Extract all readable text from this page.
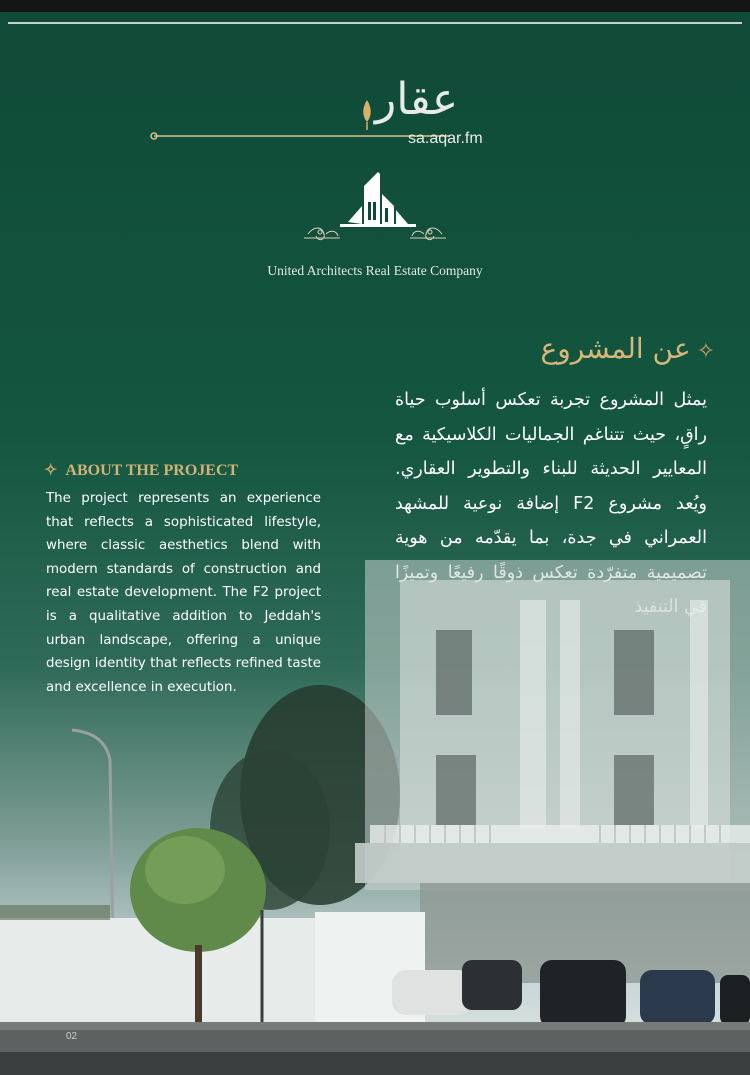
عقار
sa.aqar.fm
United Architects Real Estate Company
✧عن المشروع
يمثل المشروع تجربة تعكس أسلوب حياة راقٍ، حيث تتناغم الجماليات الكلاسيكية مع المعايير الحديثة للبناء والتطوير العقاري. ويُعد مشروع F2 إضافة نوعية للمشهد العمراني في جدة، بما يقدّمه من هوية
✧ ABOUT THE PROJECT
The project represents an experience that reflects a sophisticated lifestyle, where classic aesthetics blend with modern standards of construction and real estate development. The F2 project is a qualitative addition to Jeddah's urban landscape, offering a unique design identity that reflects refined taste and excellence in execution.
02
